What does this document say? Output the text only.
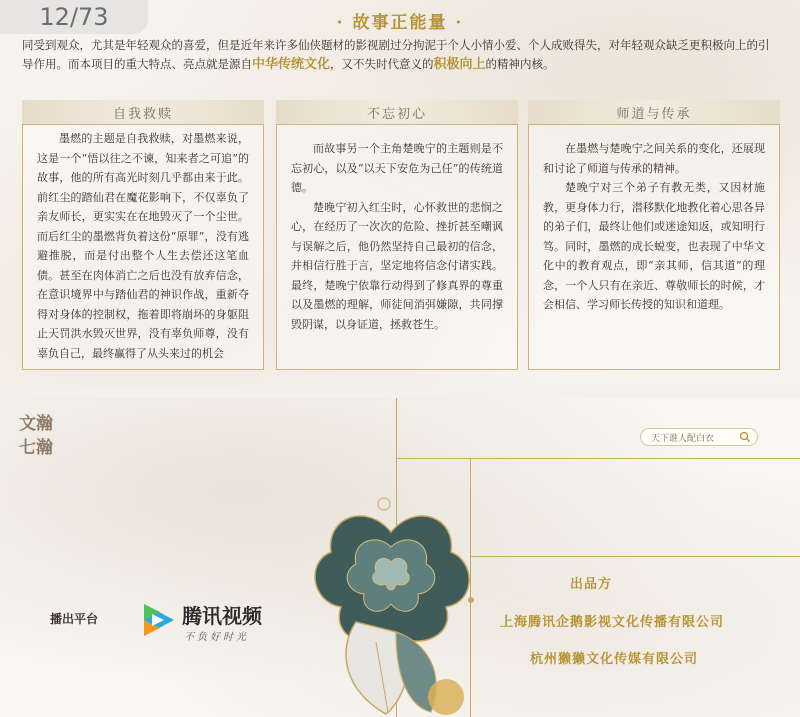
· 故事正能量 ·
同受到观众，尤其是年轻观众的喜爱，但是近年来许多仙侠题材的影视剧过分拘泥于个人小情小爱、个人成败得失，对年轻观众缺乏更积极向上的引导作用。而本项目的重大特点、亮点就是源自中华传统文化，又不失时代意义的积极向上的精神内核。
自我救赎

墨燃的主题是自我救赎，对墨燃来说，这是一个“悟以往之不谏，知来者之可追”的故事，他的所有高光时刻几乎都由来于此。前红尘的踏仙君在魔花影响下，不仅辜负了亲友师长，更实实在在地毁灭了一个尘世。而后红尘的墨燃背负着这份“原罪”，没有逃避推脱，而是付出整个人生去偿还这笔血债。甚至在肉体消亡之后也没有放弃信念，在意识境界中与踏仙君的神识作战，重新夺得对身体的控制权，拖着即将崩坏的身躯阻止天罚洪水毁灭世界，没有辜负师尊，没有辜负自己，最终赢得了从头来过的机会

不忘初心

而故事另一个主角楚晚宁的主题则是不忘初心，以及“以天下安危为己任”的传统道德。

楚晚宁初入红尘时，心怀救世的悲悯之心，在经历了一次次的危险、挫折甚至嘲讽与误解之后，他仍然坚持自己最初的信念，并相信行胜于言，坚定地将信念付诸实践。最终，楚晚宁依靠行动得到了修真界的尊重以及墨燃的理解，师徒间消弭嫌隙，共同撑毁阴谋，以身证道，拯救苍生。

师道与传承

在墨燃与楚晚宁之间关系的变化，还展现和讨论了师道与传承的精神。

楚晚宁对三个弟子有教无类，又因材施教，更身体力行，潜移默化地教化着心思各异的弟子们，最终让他们或迷途知返，或知明行笃。同时，墨燃的成长蜕变，也表现了中华文化中的教育观点，即“亲其师，信其道”的理念，一个人只有在亲近、尊敬师长的时候，才会相信、学习师长传授的知识和道理。

12/73
文瀚
七瀚	天下谁人配白衣
播出平台	腾讯视频
不负好时光
出品方
上海腾讯企鹅影视文化传播有限公司
杭州獭獭文化传媒有限公司
